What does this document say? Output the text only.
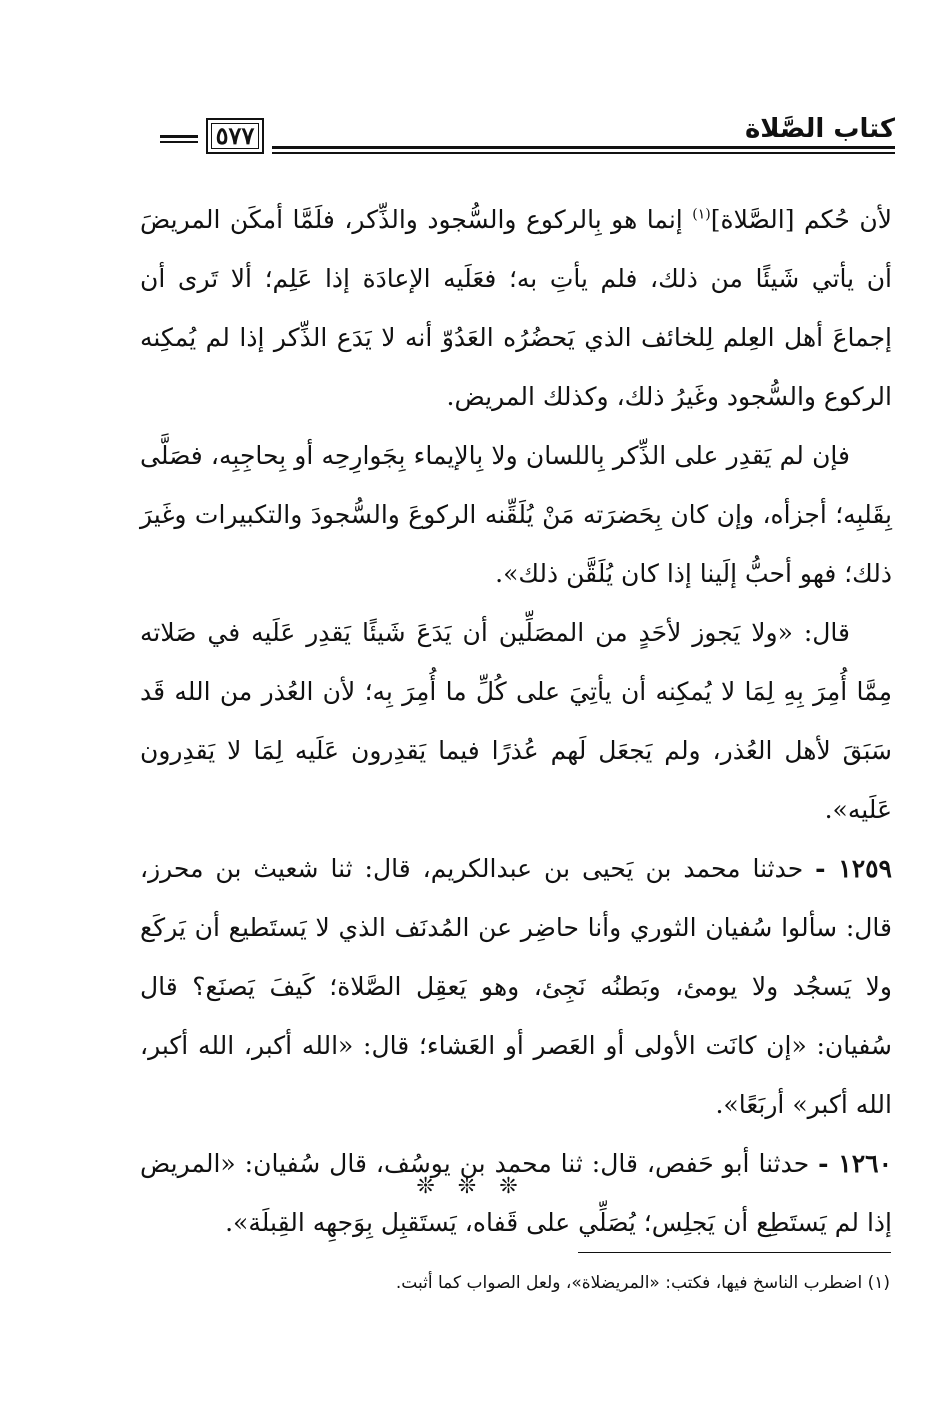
٥٧٧	كتاب الصَّلاة

لأن حُكم [الصَّلاة]$^{(١)}$ إنما هو بِالركوع والسُّجود والذِّكر، فلَمَّا أمكَن المريضَ أن يأتي شَيئًا من ذلك، فلم يأتِ به؛ فعَلَيه الإعادَة إذا عَلِم؛ ألا تَرى أن إجماعَ أهل العِلم لِلخائف الذي يَحضُرُه العَدُوّ أنه لا يَدَع الذِّكر إذا لم يُمكِنه الركوع والسُّجود وغَيرُ ذلك، وكذلك المريض.

فإن لم يَقدِر على الذِّكر بِاللسان ولا بِالإيماء بِجَوارِحِه أو بِحاجِبِه، فصَلَّى بِقَلبِه؛ أجزأه، وإن كان بِحَضرَته مَنْ يُلَقِّنه الركوعَ والسُّجودَ والتكبيرات وغَيرَ ذلك؛ فهو أحبُّ إلَينا إذا كان يُلَقَّن ذلك».

قال: «ولا يَجوز لأحَدٍ من المصَلِّين أن يَدَعَ شَيئًا يَقدِر عَلَيه في صَلاته مِمَّا أُمِرَ بِهِ لِمَا لا يُمكِنه أن يأتِيَ على كُلِّ ما أُمِرَ بِه؛ لأن العُذر من الله قَد سَبَقَ لأهل العُذر، ولم يَجعَل لَهم عُذرًا فيما يَقدِرون عَلَيه لِمَا لا يَقدِرون عَلَيه».

١٢٥٩ - حدثنا محمد بن يَحيى بن عبدالكريم، قال: ثنا شعيث بن محرز، قال: سألوا سُفيان الثوري وأنا حاضِر عن المُدنَف الذي لا يَستَطيع أن يَركَع ولا يَسجُد ولا يومئ، وبَطنُه نَجِئ، وهو يَعقِل الصَّلاة؛ كَيفَ يَصنَع؟ قال سُفيان: «إن كانَت الأولى أو العَصر أو العَشاء؛ قال: «الله أكبر، الله أكبر، الله أكبر» أربَعًا».

١٢٦٠ - حدثنا أبو حَفص، قال: ثنا محمد بن يوسُف، قال سُفيان: «المريض إذا لم يَستَطِع أن يَجلِس؛ يُصَلِّي على قَفاه، يَستَقبِل بِوَجهِه القِبلَة».

❊ ❊ ❊
(١) اضطرب الناسخ فيها، فكتب: «المريضلاة»، ولعل الصواب كما أثبت.
